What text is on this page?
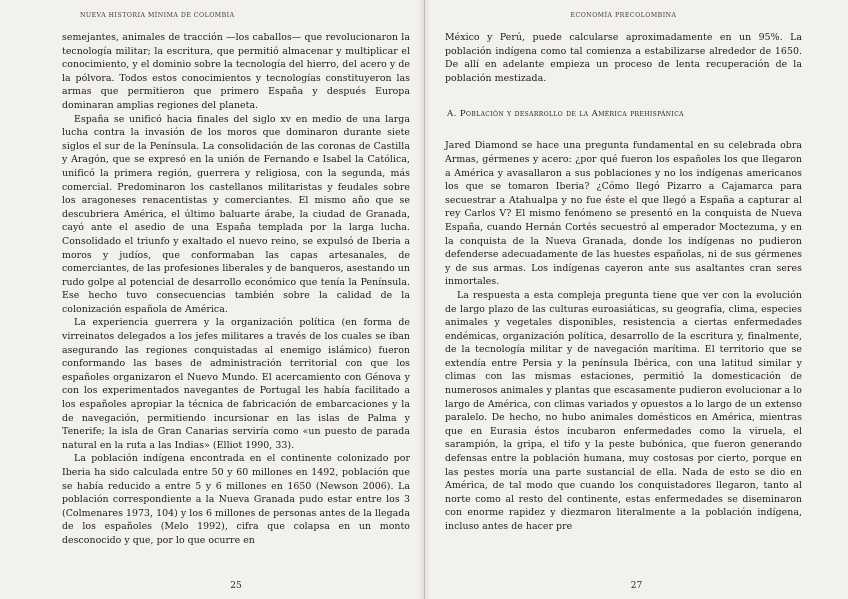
NUEVA HISTORIA MÍNIMA DE COLOMBIA

semejantes, animales de tracción —los caballos— que revolucionaron la tecnología militar; la escritura, que permitió almacenar y multiplicar el conocimiento, y el dominio sobre la tecnología del hierro, del acero y de la pólvora. Todos estos conocimientos y tecnologías constituyeron las armas que permitieron que primero España y después Europa dominaran amplias regiones del planeta.

España se unificó hacia finales del siglo xv en medio de una larga lucha contra la invasión de los moros que dominaron durante siete siglos el sur de la Península. La consolidación de las coronas de Castilla y Aragón, que se expresó en la unión de Fernando e Isabel la Católica, unificó la primera región, guerrera y religiosa, con la segunda, más comercial. Predominaron los castellanos militaristas y feudales sobre los aragoneses renacentistas y comerciantes. El mismo año que se descubriera América, el último baluarte árabe, la ciudad de Granada, cayó ante el asedio de una España templada por la larga lucha. Consolidado el triunfo y exaltado el nuevo reino, se expulsó de Iberia a moros y judíos, que conformaban las capas artesanales, de comerciantes, de las profesiones liberales y de banqueros, asestando un rudo golpe al potencial de desarrollo económico que tenía la Península. Ese hecho tuvo consecuencias también sobre la calidad de la colonización española de América.

La experiencia guerrera y la organización política (en forma de virreinatos delegados a los jefes militares a través de los cuales se iban asegurando las regiones conquistadas al enemigo islámico) fueron conformando las bases de administración territorial con que los españoles organizaron el Nuevo Mundo. El acercamiento con Génova y con los experimentados navegantes de Portugal les había facilitado a los españoles apropiar la técnica de fabricación de embarcaciones y la de navegación, permitiendo incursionar en las islas de Palma y Tenerife; la isla de Gran Canarias serviría como «un puesto de parada natural en la ruta a las Indias» (Elliot 1990, 33).

La población indígena encontrada en el continente colonizado por Iberia ha sido calculada entre 50 y 60 millones en 1492, población que se había reducido a entre 5 y 6 millones en 1650 (Newson 2006). La población correspondiente a la Nueva Granada pudo estar entre los 3 (Colmenares 1973, 104) y los 6 millones de personas antes de la llegada de los españoles (Melo 1992), cifra que colapsa en un monto desconocido y que, por lo que ocurre en

25
ECONOMÍA PRECOLOMBINA

México y Perú, puede calcularse aproximadamente en un 95%. La población indígena como tal comienza a estabilizarse alrededor de 1650. De allí en adelante empieza un proceso de lenta recuperación de la población mestizada.

A. Población y desarrollo de la América prehispánica

Jared Diamond se hace una pregunta fundamental en su celebrada obra Armas, gérmenes y acero: ¿por qué fueron los españoles los que llegaron a América y avasallaron a sus poblaciones y no los indígenas americanos los que se tomaron Iberia? ¿Cómo llegó Pizarro a Cajamarca para secuestrar a Atahualpa y no fue éste el que llegó a España a capturar al rey Carlos V? El mismo fenómeno se presentó en la conquista de Nueva España, cuando Hernán Cortés secuestró al emperador Moctezuma, y en la conquista de la Nueva Granada, donde los indígenas no pudieron defenderse adecuadamente de las huestes españolas, ni de sus gérmenes y de sus armas. Los indígenas cayeron ante sus asaltantes cran seres inmortales.

La respuesta a esta compleja pregunta tiene que ver con la evolución de largo plazo de las culturas euroasiáticas, su geografía, clima, especies animales y vegetales disponibles, resistencia a ciertas enfermedades endémicas, organización política, desarrollo de la escritura y, finalmente, de la tecnología militar y de navegación marítima. El territorio que se extendía entre Persia y la península Ibérica, con una latitud similar y climas con las mismas estaciones, permitió la domesticación de numerosos animales y plantas que escasamente pudieron evolucionar a lo largo de América, con climas variados y opuestos a lo largo de un extenso paralelo. De hecho, no hubo animales domésticos en América, mientras que en Eurasia éstos incubaron enfermedades como la viruela, el sarampión, la gripa, el tifo y la peste bubónica, que fueron generando defensas entre la población humana, muy costosas por cierto, porque en las pestes moría una parte sustancial de ella. Nada de esto se dio en América, de tal modo que cuando los conquistadores llegaron, tanto al norte como al resto del continente, estas enfermedades se diseminaron con enorme rapidez y diezmaron literalmente a la población indígena, incluso antes de hacer pre

27
